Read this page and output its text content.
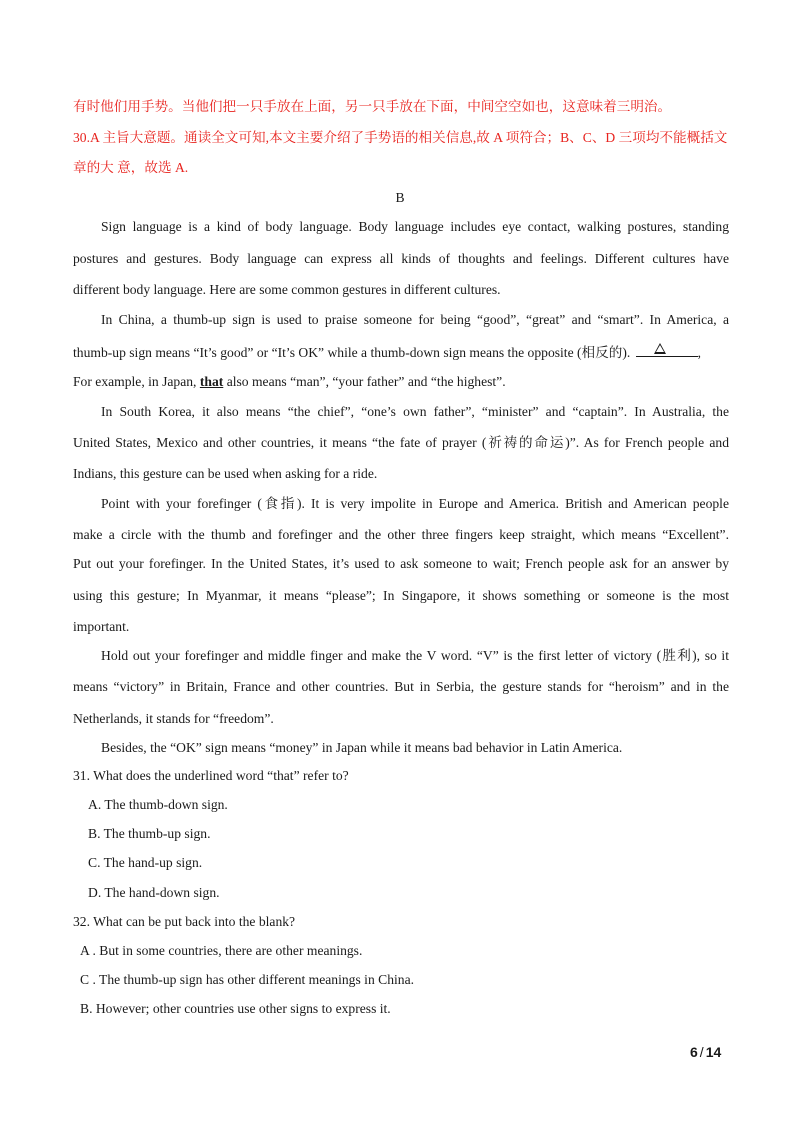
有时他们用手势。当他们把一只手放在上面，另一只手放在下面，中间空空如也，这意味着三明治。
30.A 主旨大意题。通读全文可知,本文主要介绍了手势语的相关信息,故 A 项符合；B、C、D 三项均不能概括文
章的大 意，故选 A.
B
Sign language is a kind of body language. Body language includes eye contact, walking postures, standing
postures and gestures. Body language can express all kinds of thoughts and feelings. Different cultures have
different body language. Here are some common gestures in different cultures.
In China, a thumb-up sign is used to praise someone for being “good”, “great” and “smart”. In America, a
thumb-up sign means “It’s good” or “It’s OK” while a thumb-down sign means the opposite (相反的).	,
For example, in Japan, that also means “man”, “your father” and “the highest”.
In South Korea, it also means “the chief”, “one’s own father”, “minister” and “captain”. In Australia, the
United States, Mexico and other countries, it means “the fate of prayer (祈祷的命运)”. As for French people and
Indians, this gesture can be used when asking for a ride.
Point with your forefinger (食指). It is very impolite in Europe and America. British and American people
make a circle with the thumb and forefinger and the other three fingers keep straight, which means “Excellent”.
Put out your forefinger. In the United States, it’s used to ask someone to wait; French people ask for an answer by
using this gesture; In Myanmar, it means “please”; In Singapore, it shows something or someone is the most
important.
Hold out your forefinger and middle finger and make the V word. “V” is the first letter of victory (胜利), so it
means “victory” in Britain, France and other countries. But in Serbia, the gesture stands for “heroism” and in the
Netherlands, it stands for “freedom”.
Besides, the “OK” sign means “money” in Japan while it means bad behavior in Latin America.
31. What does the underlined word “that” refer to?
A. The thumb-down sign.
B. The thumb-up sign.
C. The hand-up sign.
D. The hand-down sign.
32. What can be put back into the blank?
A . But in some countries, there are other meanings.
C . The thumb-up sign has other different meanings in China.
B. However; other countries use other signs to express it.
6 / 14
